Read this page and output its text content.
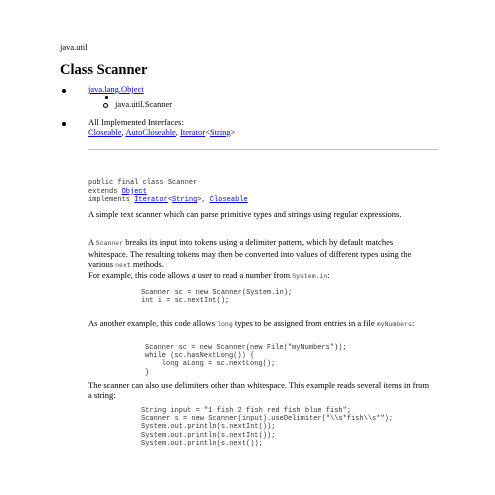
java.util
Class Scanner
java.lang.Object
java.util.Scanner
All Implemented Interfaces:
Closeable, AutoCloseable, Iterator<String>
public final class Scanner
extends Object
implements Iterator<String>, Closeable
A simple text scanner which can parse primitive types and strings using regular expressions.
A Scanner breaks its input into tokens using a delimiter pattern, which by default matches whitespace. The resulting tokens may then be converted into values of different types using the various next methods.
For example, this code allows a user to read a number from System.in:
Scanner sc = new Scanner(System.in);
int i = sc.nextInt();
As another example, this code allows long types to be assigned from entries in a file myNumbers:
Scanner sc = new Scanner(new File("myNumbers"));
while (sc.hasNextLong()) {
long aLong = sc.nextLong();
}
The scanner can also use delimiters other than whitespace. This example reads several items in from a string:
String input = "1 fish 2 fish red fish blue fish";
Scanner s = new Scanner(input).useDelimiter("\\s*fish\\s*");
System.out.println(s.nextInt());
System.out.println(s.nextInt());
System.out.println(s.next());
